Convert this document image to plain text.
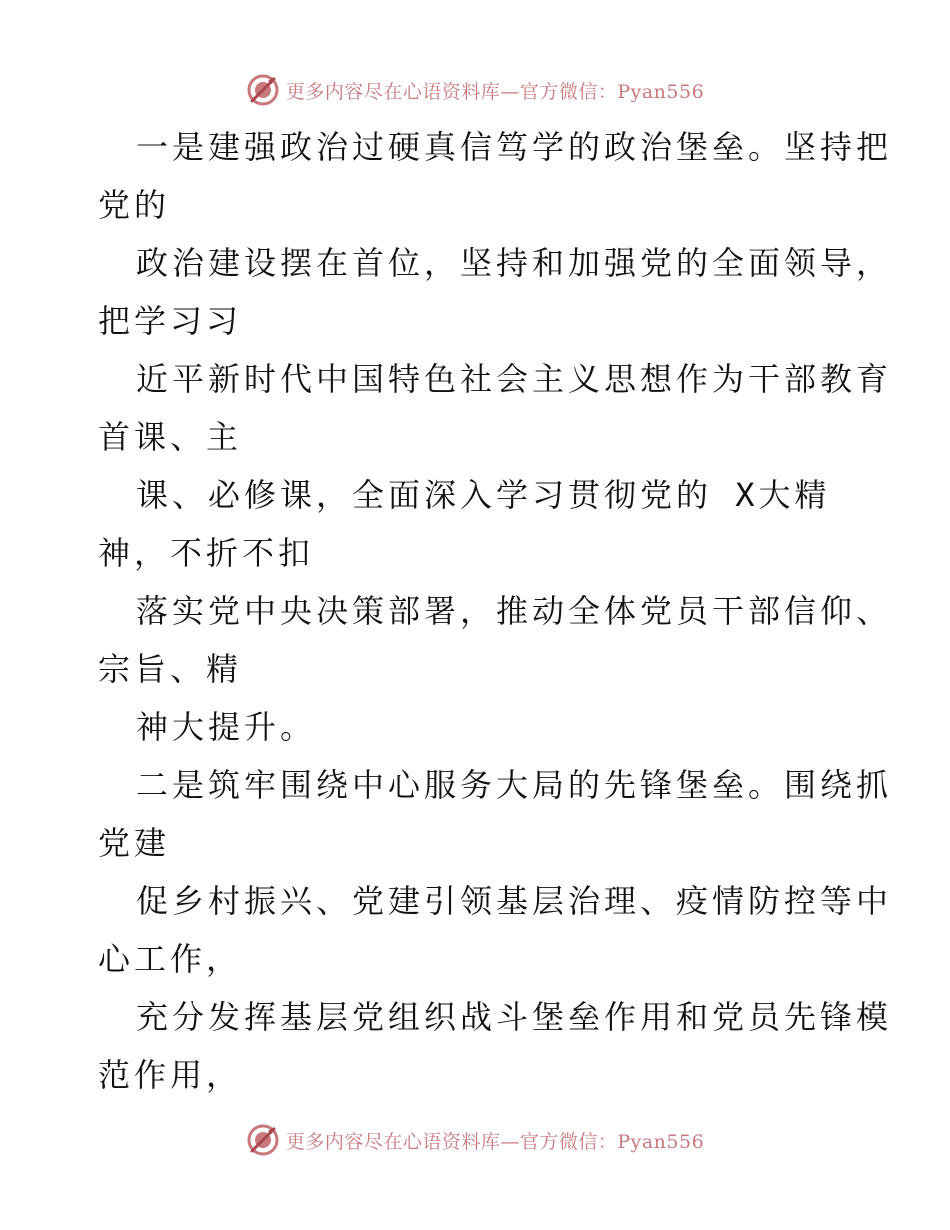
更多内容尽在心语资料库—官方微信：Pyan556
一是建强政治过硬真信笃学的政治堡垒。坚持把
党的
政治建设摆在首位，坚持和加强党的全面领导，
把学习习
近平新时代中国特色社会主义思想作为干部教育
首课、主
课、必修课，全面深入学习贯彻党的 X大精
神，不折不扣
落实党中央决策部署，推动全体党员干部信仰、
宗旨、精
神大提升。
二是筑牢围绕中心服务大局的先锋堡垒。围绕抓
党建
促乡村振兴、党建引领基层治理、疫情防控等中
心工作，
充分发挥基层党组织战斗堡垒作用和党员先锋模
范作用，
更多内容尽在心语资料库—官方微信：Pyan556
